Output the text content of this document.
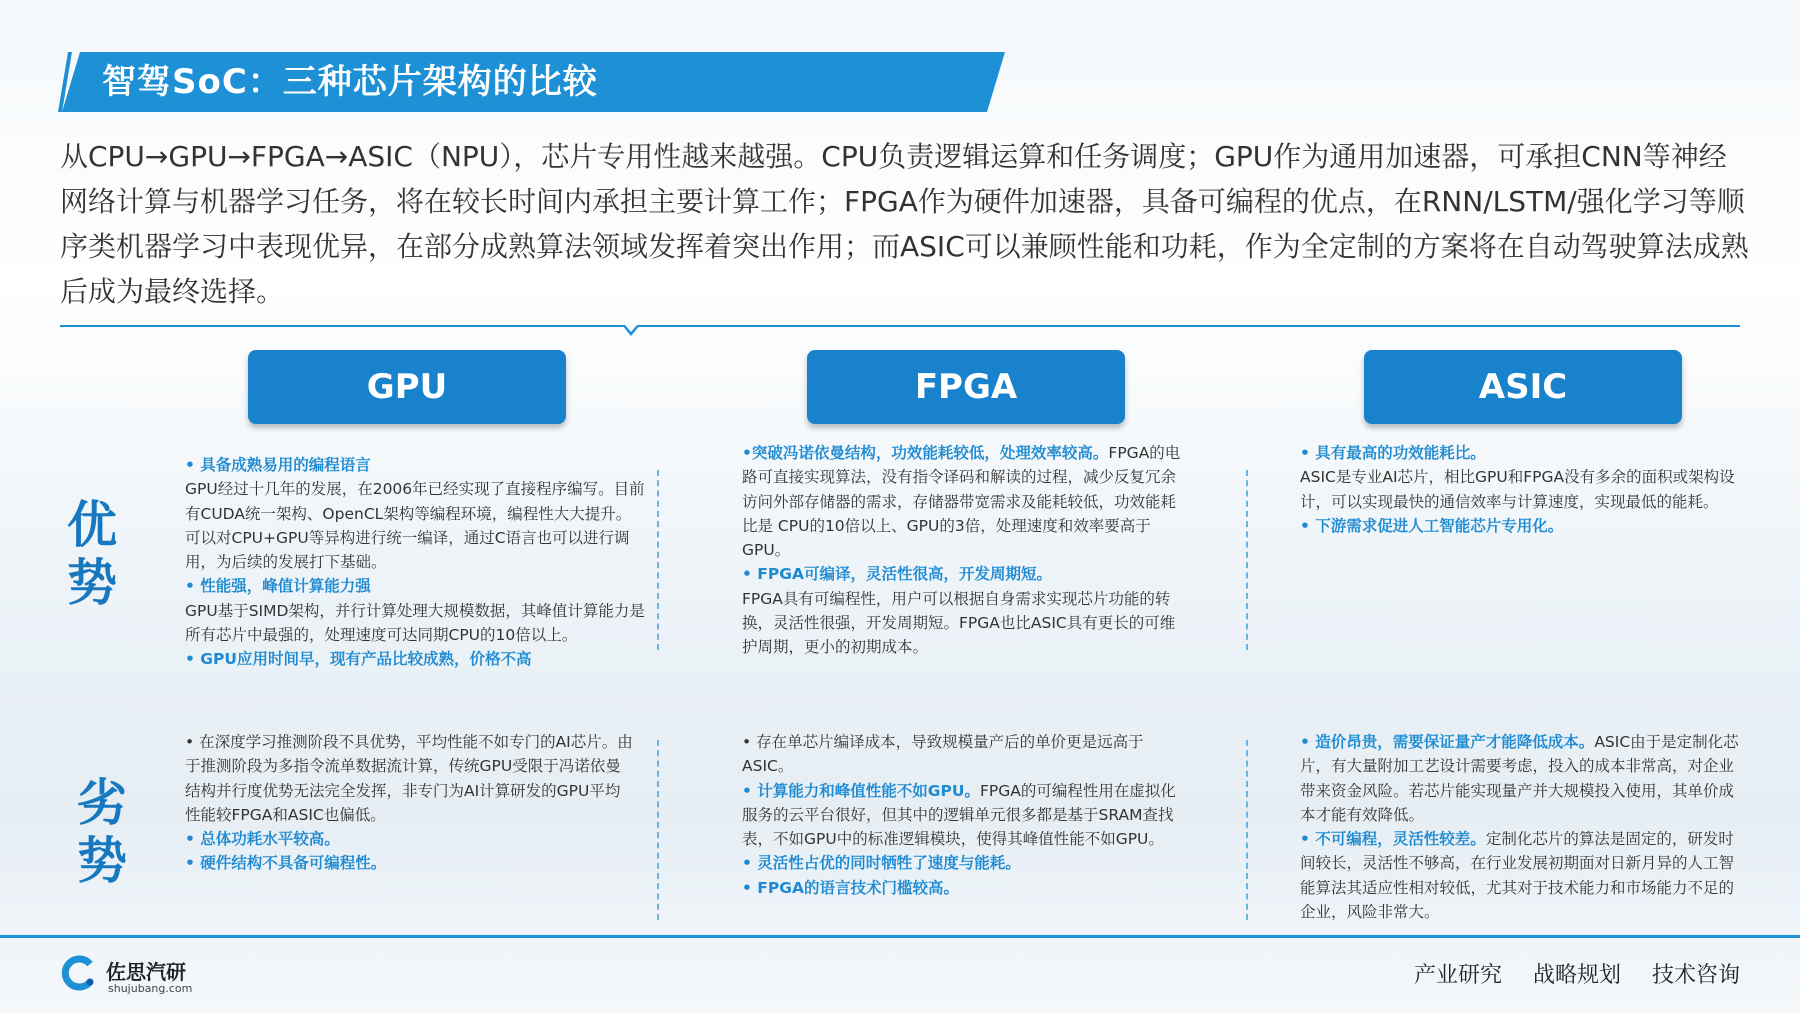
智驾SoC：三种芯片架构的比较
从CPU→GPU→FPGA→ASIC（NPU），芯片专用性越来越强。CPU负责逻辑运算和任务调度；GPU作为通用加速器，可承担CNN等神经网络计算与机器学习任务，将在较长时间内承担主要计算工作；FPGA作为硬件加速器，具备可编程的优点，在RNN/LSTM/强化学习等顺序类机器学习中表现优异，在部分成熟算法领域发挥着突出作用；而ASIC可以兼顾性能和功耗，作为全定制的方案将在自动驾驶算法成熟后成为最终选择。
GPU	FPGA	ASIC
优势
劣势

• 具备成熟易用的编程语言

GPU经过十几年的发展，在2006年已经实现了直接程序编写。目前有CUDA统一架构、OpenCL架构等编程环境，编程性大大提升。可以对CPU+GPU等异构进行统一编译，通过C语言也可以进行调用，为后续的发展打下基础。

• 性能强，峰值计算能力强

GPU基于SIMD架构，并行计算处理大规模数据，其峰值计算能力是所有芯片中最强的，处理速度可达同期CPU的10倍以上。

• GPU应用时间早，现有产品比较成熟，价格不高

•突破冯诺依曼结构，功效能耗较低，处理效率较高。FPGA的电路可直接实现算法，没有指令译码和解读的过程，减少反复冗余访问外部存储器的需求，存储器带宽需求及能耗较低，功效能耗比是 CPU的10倍以上、GPU的3倍，处理速度和效率要高于GPU。

• FPGA可编译，灵活性很高，开发周期短。

FPGA具有可编程性，用户可以根据自身需求实现芯片功能的转换，灵活性很强，开发周期短。FPGA也比ASIC具有更长的可维护周期，更小的初期成本。

• 具有最高的功效能耗比。

ASIC是专业AI芯片，相比GPU和FPGA没有多余的面积或架构设计，可以实现最快的通信效率与计算速度，实现最低的能耗。

• 下游需求促进人工智能芯片专用化。

• 在深度学习推测阶段不具优势，平均性能不如专门的AI芯片。由于推测阶段为多指令流单数据流计算，传统GPU受限于冯诺依曼结构并行度优势无法完全发挥，非专门为AI计算研发的GPU平均性能较FPGA和ASIC也偏低。

• 总体功耗水平较高。

• 硬件结构不具备可编程性。

• 存在单芯片编译成本，导致规模量产后的单价更是远高于ASIC。

• 计算能力和峰值性能不如GPU。FPGA的可编程性用在虚拟化服务的云平台很好，但其中的逻辑单元很多都是基于SRAM查找表，不如GPU中的标准逻辑模块，使得其峰值性能不如GPU。

• 灵活性占优的同时牺牲了速度与能耗。

• FPGA的语言技术门槛较高。

• 造价昂贵，需要保证量产才能降低成本。ASIC由于是定制化芯片，有大量附加工艺设计需要考虑，投入的成本非常高，对企业带来资金风险。若芯片能实现量产并大规模投入使用，其单价成本才能有效降低。

• 不可编程，灵活性较差。定制化芯片的算法是固定的，研发时间较长，灵活性不够高，在行业发展初期面对日新月异的人工智能算法其适应性相对较低，尤其对于技术能力和市场能力不足的企业，风险非常大。

佐思汽研
shujubang.com
产业研究 战略规划 技术咨询
